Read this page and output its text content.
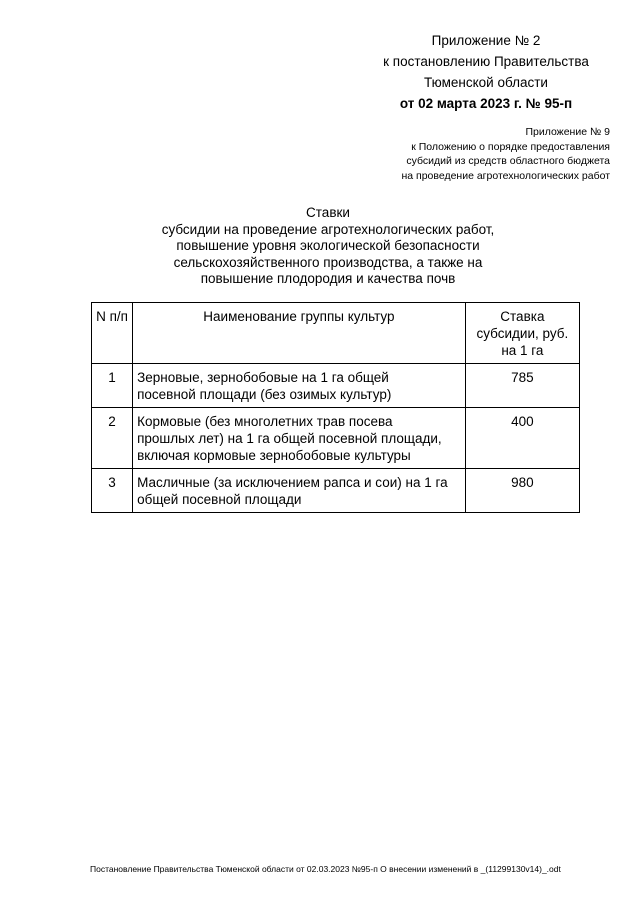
Приложение № 2
к постановлению Правительства
Тюменской области
от 02 марта 2023 г. № 95-п
Приложение № 9
к Положению о порядке предоставления
субсидий из средств областного бюджета
на проведение агротехнологических работ
Ставки
субсидии на проведение агротехнологических работ,
повышение уровня экологической безопасности
сельскохозяйственного производства, а также на
повышение плодородия и качества почв
N п/п	Наименование группы культур	Ставка
субсидии, руб.
на 1 га

1	Зерновые, зернобобовые на 1 га общей
посевной площади (без озимых культур)	785
2	Кормовые (без многолетних трав посева
прошлых лет) на 1 га общей посевной площади,
включая кормовые зернобобовые культуры	400
3	Масличные (за исключением рапса и сои) на 1 га
общей посевной площади	980
Постановление Правительства Тюменской области от 02.03.2023 №95-п О внесении изменений в _(11299130v14)_.odt
